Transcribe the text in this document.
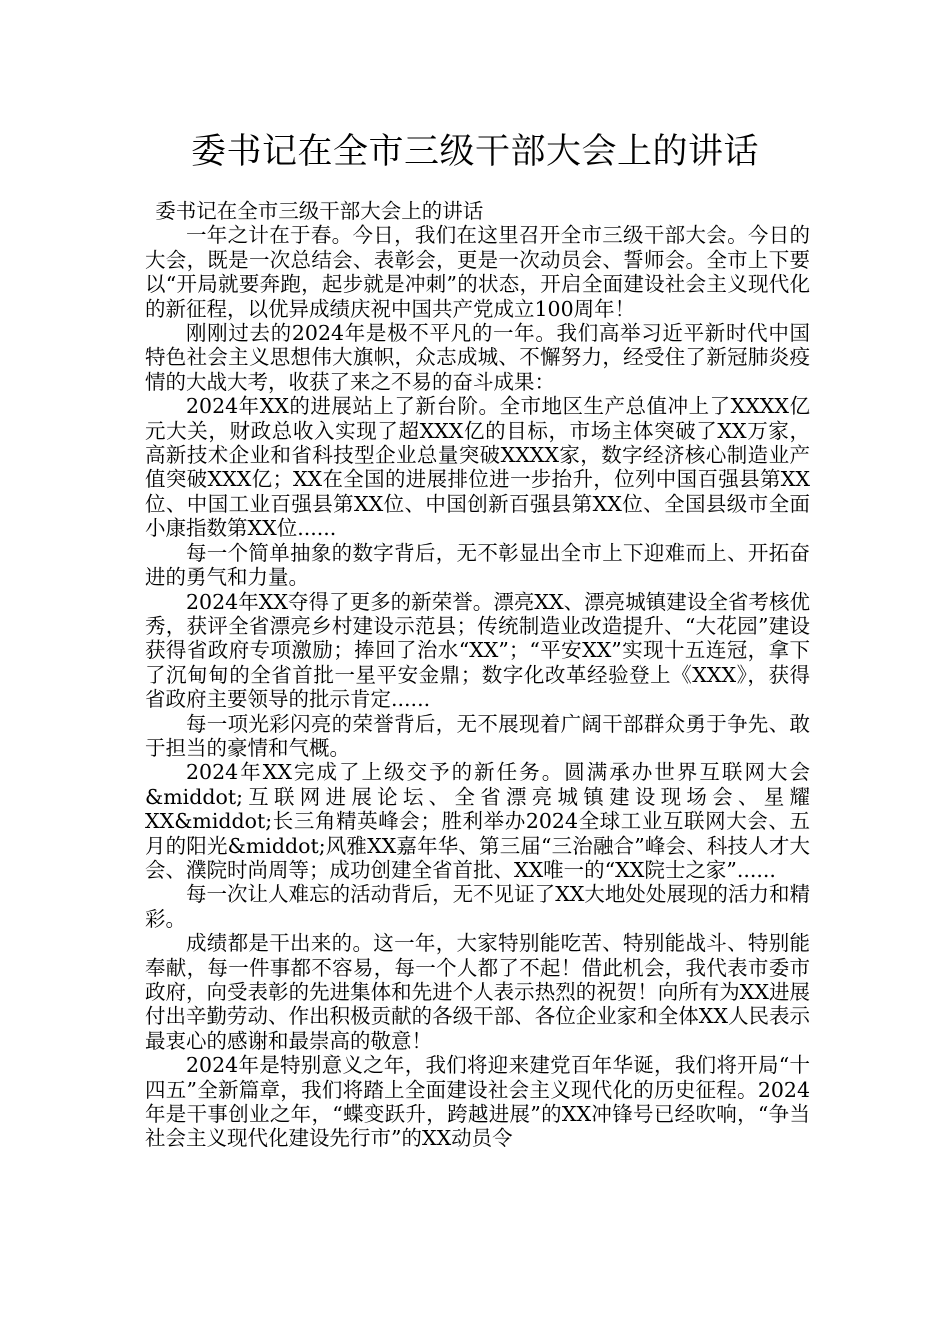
委书记在全市三级干部大会上的讲话

委书记在全市三级干部大会上的讲话

一年之计在于春。今日，我们在这里召开全市三级干部大会。今日的大会，既是一次总结会、表彰会，更是一次动员会、誓师会。全市上下要以“开局就要奔跑，起步就是冲刺”的状态，开启全面建设社会主义现代化的新征程，以优异成绩庆祝中国共产党成立100周年！

刚刚过去的2024年是极不平凡的一年。我们高举习近平新时代中国特色社会主义思想伟大旗帜，众志成城、不懈努力，经受住了新冠肺炎疫情的大战大考，收获了来之不易的奋斗成果：

2024年XX的进展站上了新台阶。全市地区生产总值冲上了XXXX亿元大关，财政总收入实现了超XXX亿的目标，市场主体突破了XX万家，高新技术企业和省科技型企业总量突破XXXX家，数字经济核心制造业产值突破XXX亿；XX在全国的进展排位进一步抬升，位列中国百强县第XX位、中国工业百强县第XX位、中国创新百强县第XX位、全国县级市全面小康指数第XX位......

每一个简单抽象的数字背后，无不彰显出全市上下迎难而上、开拓奋进的勇气和力量。

2024年XX夺得了更多的新荣誉。漂亮XX、漂亮城镇建设全省考核优秀，获评全省漂亮乡村建设示范县；传统制造业改造提升、“大花园”建设获得省政府专项激励；捧回了治水“XX”；“平安XX”实现十五连冠，拿下了沉甸甸的全省首批一星平安金鼎；数字化改革经验登上《XXX》，获得省政府主要领导的批示肯定......

每一项光彩闪亮的荣誉背后，无不展现着广阔干部群众勇于争先、敢于担当的豪情和气概。

2024年XX完成了上级交予的新任务。圆满承办世界互联网大会&middot;互联网进展论坛、全省漂亮城镇建设现场会、星耀XX&middot;长三角精英峰会；胜利举办2024全球工业互联网大会、五月的阳光&middot;风雅XX嘉年华、第三届“三治融合”峰会、科技人才大会、濮院时尚周等；成功创建全省首批、XX唯一的“XX院士之家”......

每一次让人难忘的活动背后，无不见证了XX大地处处展现的活力和精彩。

成绩都是干出来的。这一年，大家特别能吃苦、特别能战斗、特别能奉献，每一件事都不容易，每一个人都了不起！借此机会，我代表市委市政府，向受表彰的先进集体和先进个人表示热烈的祝贺！向所有为XX进展付出辛勤劳动、作出积极贡献的各级干部、各位企业家和全体XX人民表示最衷心的感谢和最崇高的敬意！

2024年是特别意义之年，我们将迎来建党百年华诞，我们将开局“十四五”全新篇章，我们将踏上全面建设社会主义现代化的历史征程。2024年是干事创业之年，“蝶变跃升，跨越进展”的XX冲锋号已经吹响，“争当社会主义现代化建设先行市”的XX动员令
